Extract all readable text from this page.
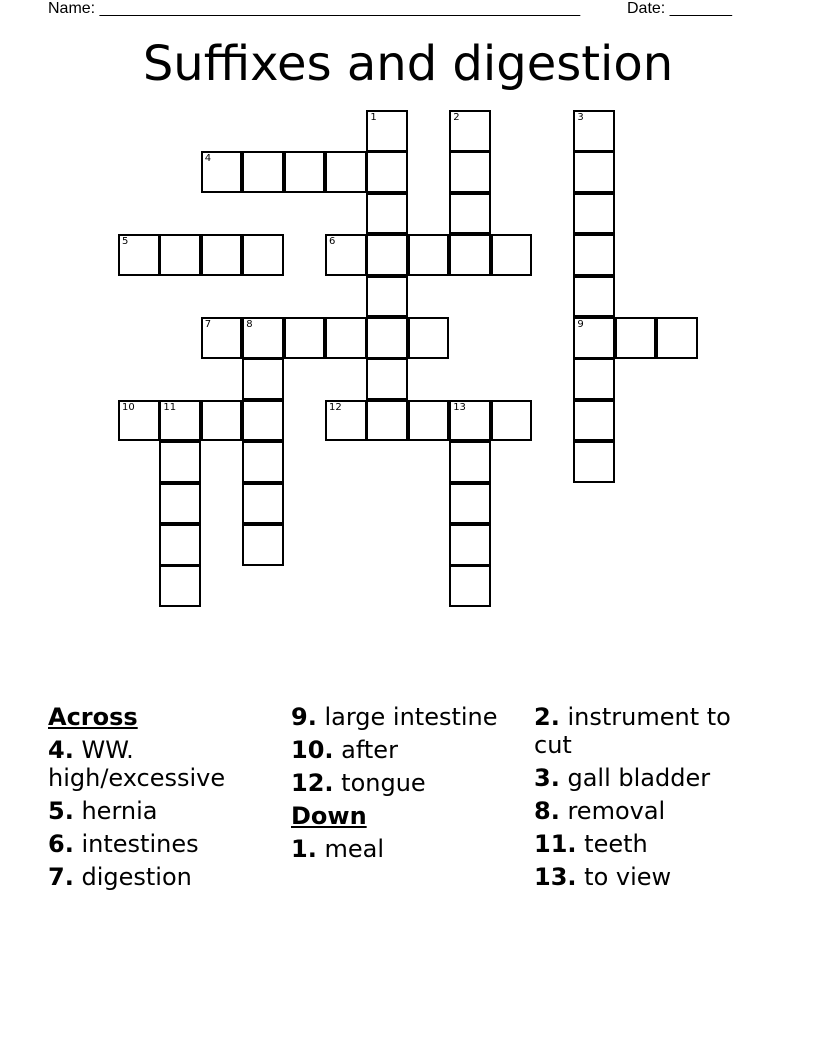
Name: ______________________________________________________	Date: _______
Suffixes and digestion
1	2	3
4
5	6
7	8	9
10	11	12	13

Across

4. WW. high/excessive

5. hernia

6. intestines

7. digestion

9. large intestine

10. after

12. tongue

Down

1. meal

2. instrument to cut

3. gall bladder

8. removal

11. teeth

13. to view
